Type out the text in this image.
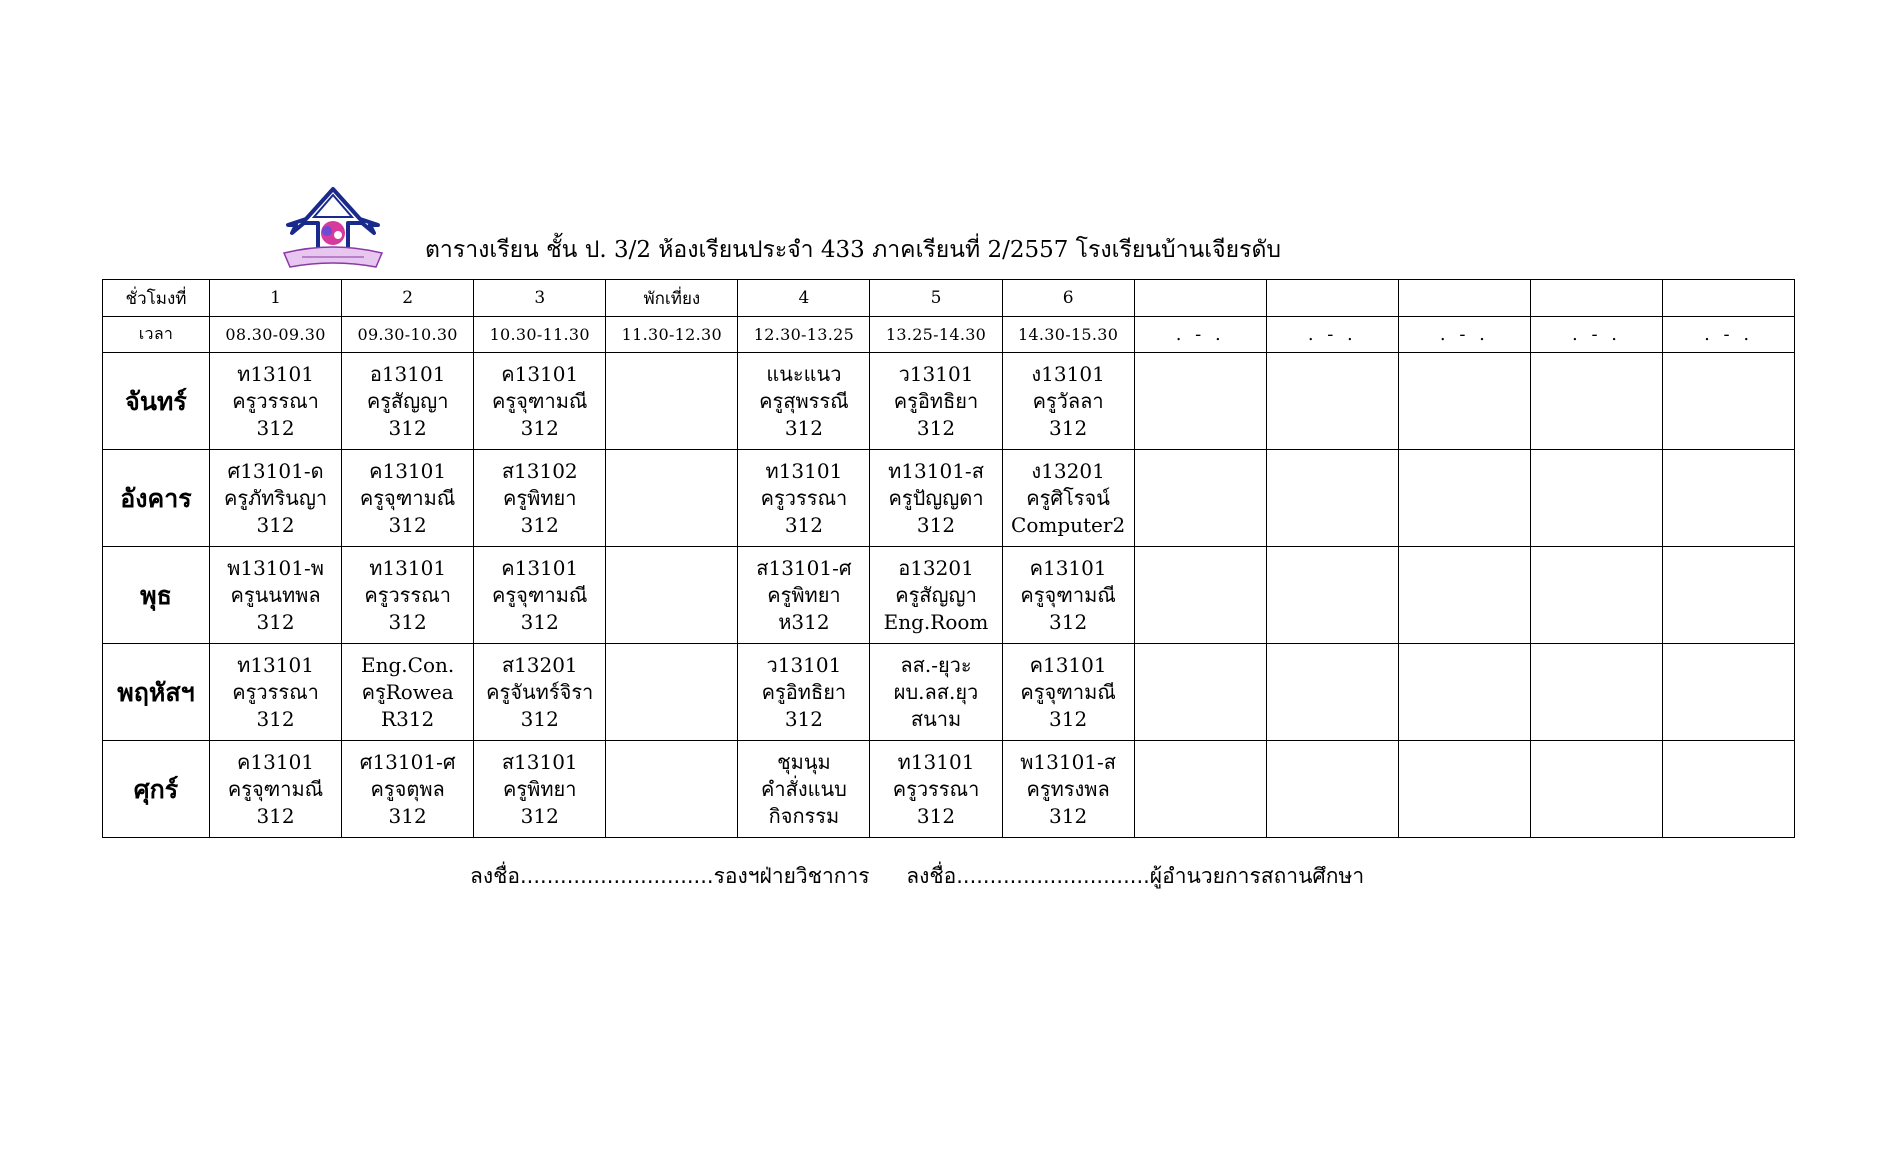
ตารางเรียน ชั้น ป. 3/2 ห้องเรียนประจำ 433 ภาคเรียนที่ 2/2557 โรงเรียนบ้านเจียรดับ
ชั่วโมงที่	1	2	3	พักเที่ยง	4	5	6					
เวลา	08.30-09.30	09.30-10.30	10.30-11.30	11.30-12.30	12.30-13.25	13.25-14.30	14.30-15.30	. - .	. - .	. - .	. - .	. - .
จันทร์	ท13101
ครูวรรณา
312	อ13101
ครูสัญญา
312	ค13101
ครูจุฑามณี
312		แนะแนว
ครูสุพรรณี
312	ว13101
ครูอิทธิยา
312	ง13101
ครูวัลลา
312					

อังคาร	ศ13101-ด
ครูภัทรินญา
312	ค13101
ครูจุฑามณี
312	ส13102
ครูพิทยา
312		ท13101
ครูวรรณา
312	ท13101-ส
ครูปัญญดา
312	ง13201
ครูศิโรจน์
Computer2					

พุธ	พ13101-พ
ครูนนทพล
312	ท13101
ครูวรรณา
312	ค13101
ครูจุฑามณี
312		ส13101-ศ
ครูพิทยา
ห312	อ13201
ครูสัญญา
Eng.Room	ค13101
ครูจุฑามณี
312					

พฤหัสฯ	ท13101
ครูวรรณา
312	Eng.Con.
ครูRowea
R312	ส13201
ครูจันทร์จิรา
312		ว13101
ครูอิทธิยา
312	ลส.-ยุวะ
ผบ.ลส.ยุว
สนาม	ค13101
ครูจุฑามณี
312					

ศุกร์	ค13101
ครูจุฑามณี
312	ศ13101-ศ
ครูจตุพล
312	ส13101
ครูพิทยา
312		ชุมนุม
คำสั่งแนบ
กิจกรรม	ท13101
ครูวรรณา
312	พ13101-ส
ครูทรงพล
312					

ลงชื่อ.............................รองฯฝ่ายวิชาการ ลงชื่อ.............................ผู้อำนวยการสถานศึกษา
